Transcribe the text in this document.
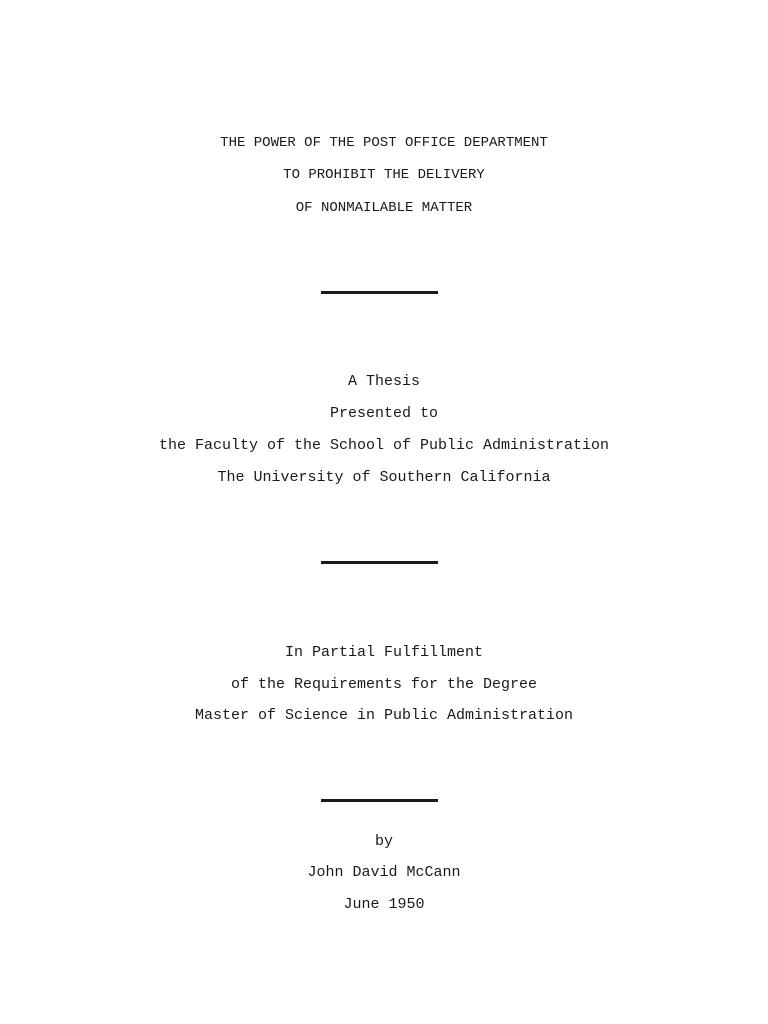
THE POWER OF THE POST OFFICE DEPARTMENT
TO PROHIBIT THE DELIVERY
OF NONMAILABLE MATTER
A Thesis
Presented to
the Faculty of the School of Public Administration
The University of Southern California
In Partial Fulfillment
of the Requirements for the Degree
Master of Science in Public Administration
by
John David McCann
June 1950
